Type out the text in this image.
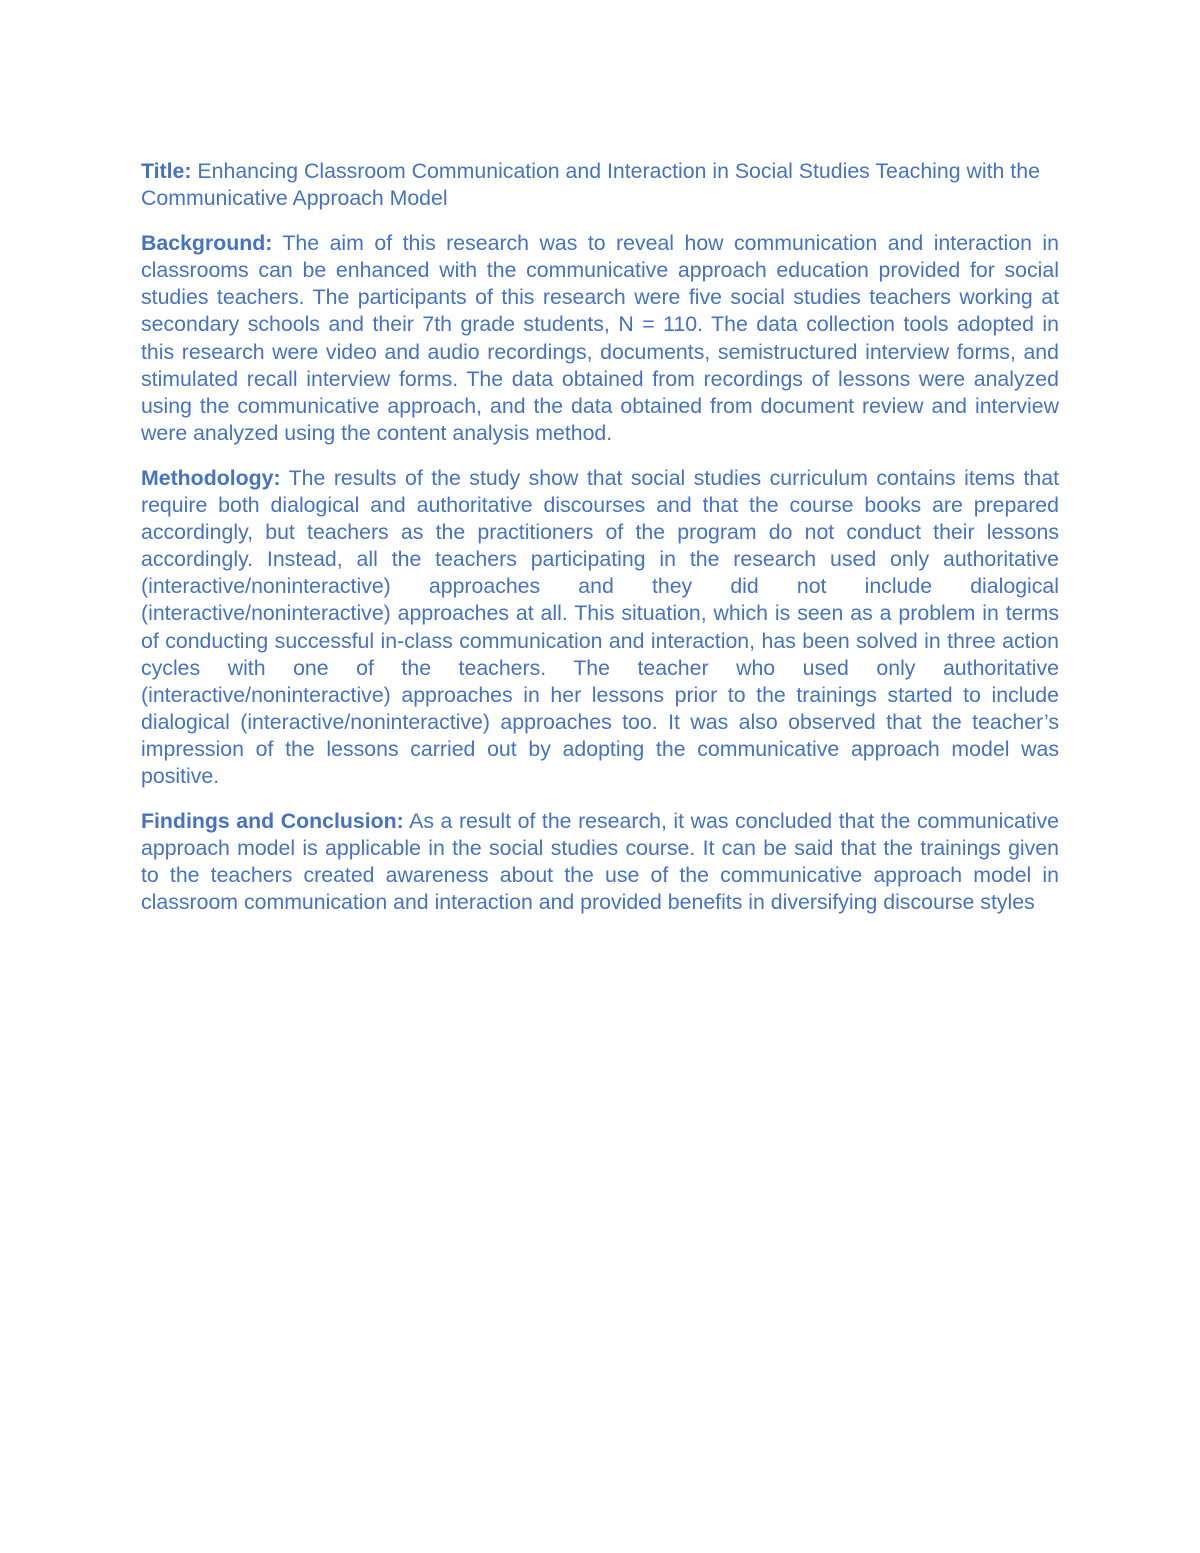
Title: Enhancing Classroom Communication and Interaction in Social Studies Teaching with the Communicative Approach Model

Background: The aim of this research was to reveal how communication and interaction in classrooms can be enhanced with the communicative approach education provided for social studies teachers. The participants of this research were five social studies teachers working at secondary schools and their 7th grade students, N = 110. The data collection tools adopted in this research were video and audio recordings, documents, semistructured interview forms, and stimulated recall interview forms. The data obtained from recordings of lessons were analyzed using the communicative approach, and the data obtained from document review and interview were analyzed using the content analysis method.

Methodology: The results of the study show that social studies curriculum contains items that require both dialogical and authoritative discourses and that the course books are prepared accordingly, but teachers as the practitioners of the program do not conduct their lessons accordingly. Instead, all the teachers participating in the research used only authoritative (interactive/noninteractive) approaches and they did not include dialogical (interactive/noninteractive) approaches at all. This situation, which is seen as a problem in terms of conducting successful in-class communication and interaction, has been solved in three action cycles with one of the teachers. The teacher who used only authoritative (interactive/noninteractive) approaches in her lessons prior to the trainings started to include dialogical (interactive/noninteractive) approaches too. It was also observed that the teacher’s impression of the lessons carried out by adopting the communicative approach model was positive.

Findings and Conclusion: As a result of the research, it was concluded that the communicative approach model is applicable in the social studies course. It can be said that the trainings given to the teachers created awareness about the use of the communicative approach model in classroom communication and interaction and provided benefits in diversifying discourse styles
